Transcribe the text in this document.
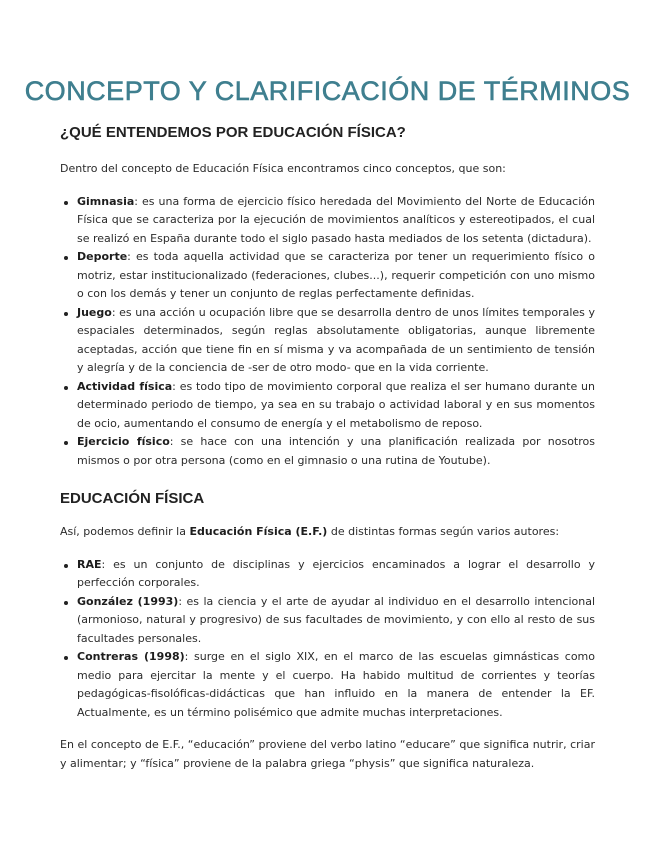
CONCEPTO Y CLARIFICACIÓN DE TÉRMINOS
¿QUÉ ENTENDEMOS POR EDUCACIÓN FÍSICA?

Dentro del concepto de Educación Física encontramos cinco conceptos, que son:

Gimnasia: es una forma de ejercicio físico heredada del Movimiento del Norte de Educación Física que se caracteriza por la ejecución de movimientos analíticos y estereotipados, el cual se realizó en España durante todo el siglo pasado hasta mediados de los setenta (dictadura).
Deporte: es toda aquella actividad que se caracteriza por tener un requerimiento físico o motriz, estar institucionalizado (federaciones, clubes...), requerir competición con uno mismo o con los demás y tener un conjunto de reglas perfectamente definidas.
Juego: es una acción u ocupación libre que se desarrolla dentro de unos límites temporales y espaciales determinados, según reglas absolutamente obligatorias, aunque libremente aceptadas, acción que tiene fin en sí misma y va acompañada de un sentimiento de tensión y alegría y de la conciencia de -ser de otro modo- que en la vida corriente.
Actividad física: es todo tipo de movimiento corporal que realiza el ser humano durante un determinado periodo de tiempo, ya sea en su trabajo o actividad laboral y en sus momentos de ocio, aumentando el consumo de energía y el metabolismo de reposo.
Ejercicio físico: se hace con una intención y una planificación realizada por nosotros mismos o por otra persona (como en el gimnasio o una rutina de Youtube).
EDUCACIÓN FÍSICA

Así, podemos definir la Educación Física (E.F.) de distintas formas según varios autores:

RAE: es un conjunto de disciplinas y ejercicios encaminados a lograr el desarrollo y perfección corporales.
González (1993): es la ciencia y el arte de ayudar al individuo en el desarrollo intencional (armonioso, natural y progresivo) de sus facultades de movimiento, y con ello al resto de sus facultades personales.
Contreras (1998): surge en el siglo XIX, en el marco de las escuelas gimnásticas como medio para ejercitar la mente y el cuerpo. Ha habido multitud de corrientes y teorías pedagógicas-fisolóficas-didácticas que han influido en la manera de entender la EF. Actualmente, es un término polisémico que admite muchas interpretaciones.

En el concepto de E.F., “educación” proviene del verbo latino “educare” que significa nutrir, criar y alimentar; y “física” proviene de la palabra griega “physis” que significa naturaleza.
